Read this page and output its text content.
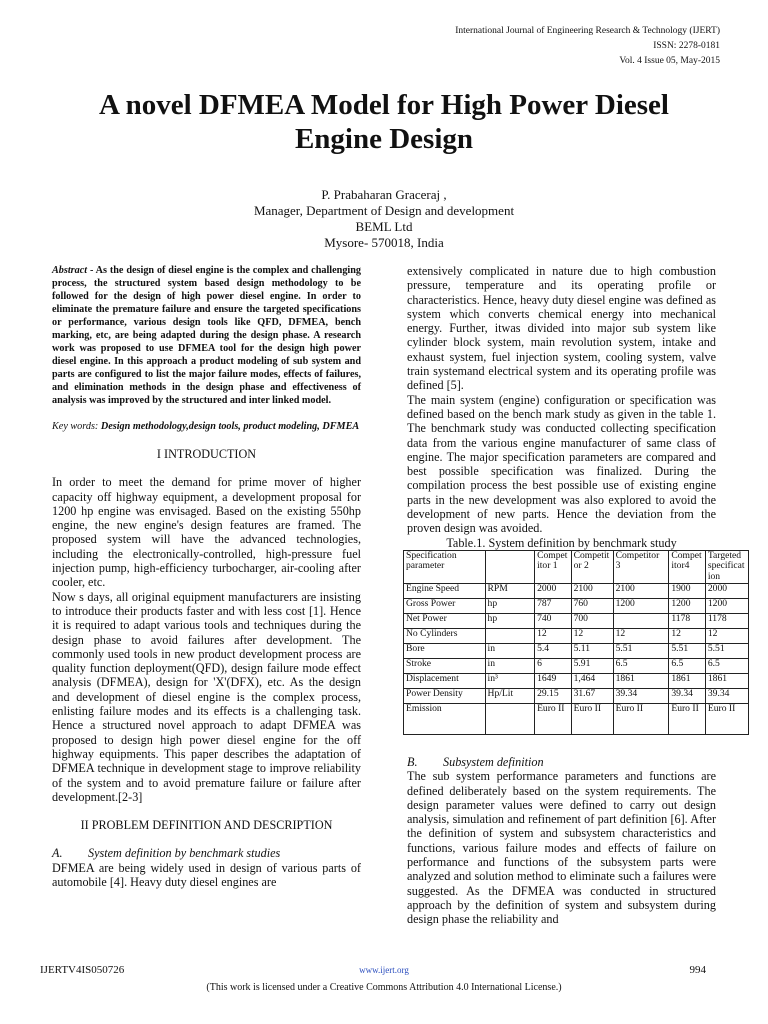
International Journal of Engineering Research & Technology (IJERT)
ISSN: 2278-0181
Vol. 4 Issue 05, May-2015
A novel DFMEA Model for High Power Diesel
Engine Design
P. Prabaharan Graceraj ,
Manager, Department of Design and development
BEML Ltd
Mysore- 570018, India

Abstract - As the design of diesel engine is the complex and challenging process, the structured system based design methodology to be followed for the design of high power diesel engine. In order to eliminate the premature failure and ensure the targeted specifications or performance, various design tools like QFD, DFMEA, bench marking, etc, are being adapted during the design phase. A research work was proposed to use DFMEA tool for the design high power diesel engine. In this approach a product modeling of sub system and parts are configured to list the major failure modes, effects of failures, and elimination methods in the design phase and effectiveness of analysis was improved by the structured and inter linked model.

Key words: Design methodology,design tools, product modeling, DFMEA

I INTRODUCTION

In order to meet the demand for prime mover of higher capacity off highway equipment, a development proposal for 1200 hp engine was envisaged. Based on the existing 550hp engine, the new engine's design features are framed. The proposed system will have the advanced technologies, including the electronically-controlled, high-pressure fuel injection pump, high-efficiency turbocharger, air-cooling after cooler, etc.

Now s days, all original equipment manufacturers are insisting to introduce their products faster and with less cost [1]. Hence it is required to adapt various tools and techniques during the design phase to avoid failures after development. The commonly used tools in new product development process are quality function deployment(QFD), design failure mode effect analysis (DFMEA), design for 'X'(DFX), etc. As the design and development of diesel engine is the complex process, enlisting failure modes and its effects is a challenging task. Hence a structured novel approach to adapt DFMEA was proposed to design high power diesel engine for the off highway equipments. This paper describes the adaptation of DFMEA technique in development stage to improve reliability of the system and to avoid premature failure or failure after development.[2-3]

II PROBLEM DEFINITION AND DESCRIPTION
A. System definition by benchmark studies

DFMEA are being widely used in design of various parts of automobile [4]. Heavy duty diesel engines are

extensively complicated in nature due to high combustion pressure, temperature and its operating profile or characteristics. Hence, heavy duty diesel engine was defined as system which converts chemical energy into mechanical energy. Further, itwas divided into major sub system like cylinder block system, main revolution system, intake and exhaust system, fuel injection system, cooling system, valve train systemand electrical system and its operating profile was defined [5].

The main system (engine) configuration or specification was defined based on the bench mark study as given in the table 1. The benchmark study was conducted collecting specification data from the various engine manufacturer of same class of engine. The major specification parameters are compared and best possible specification was finalized. During the compilation process the best possible use of existing engine parts in the new development was also explored to avoid the development of new parts. Hence the deviation from the proven design was avoided.

Table.1. System definition by benchmark study
Specification parameter		Compet itor 1	Competit or 2	Competitor 3	Compet itor4	Targeted specificat ion
Engine Speed	RPM	2000	2100	2100	1900	2000
Gross Power	hp	787	760	1200	1200	1200
Net Power	hp	740	700		1178	1178
No Cylinders		12	12	12	12	12
Bore	in	5.4	5.11	5.51	5.51	5.51
Stroke	in	6	5.91	6.5	6.5	6.5
Displacement	in³	1649	1,464	1861	1861	1861
Power Density	Hp/Lit	29.15	31.67	39.34	39.34	39.34
Emission		Euro II	Euro II	Euro II	Euro II	Euro II
B. Subsystem definition

The sub system performance parameters and functions are defined deliberately based on the system requirements. The design parameter values were defined to carry out design analysis, simulation and refinement of part definition [6]. After the definition of system and subsystem characteristics and functions, various failure modes and effects of failure on performance and functions of the subsystem parts were analyzed and solution method to eliminate such a failures were suggested. As the DFMEA was conducted in structured approach by the definition of system and subsystem during design phase the reliability and

IJERTV4IS050726	www.ijert.org	994
(This work is licensed under a Creative Commons Attribution 4.0 International License.)
